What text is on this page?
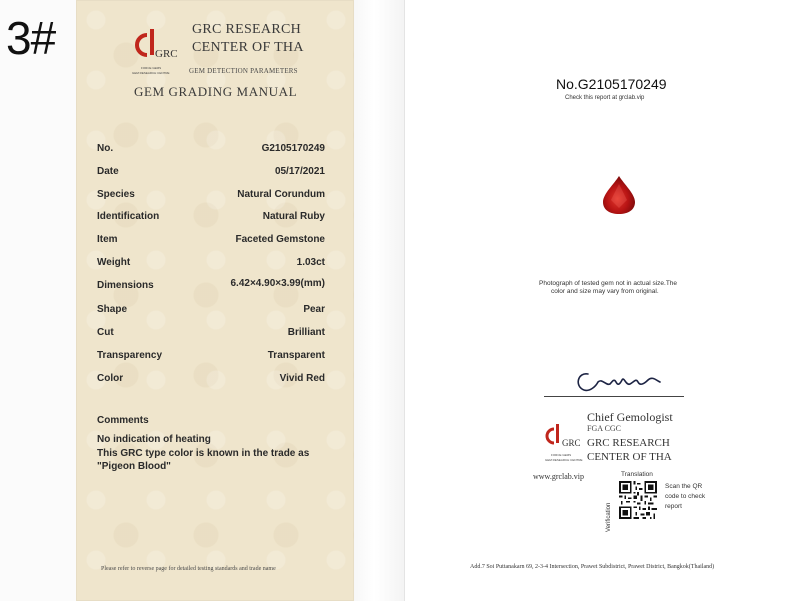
3#	GRC
FORCE GEMS
GEM RESEARCH CENTRE
GRC RESEARCH
CENTER OF THA
GEM DETECTION PARAMETERS
GEM GRADING MANUAL
No.	G2105170249
Date	05/17/2021
Species	Natural Corundum
Identification	Natural Ruby
Item	Faceted Gemstone
Weight	1.03ct
Dimensions	6.42×4.90×3.99(mm)
Shape	Pear
Cut	Brilliant
Transparency	Transparent
Color	Vivid Red
Comments
No indication of heating
This GRC type color is known in the trade as
"Pigeon Blood"
Please refer to reverse page for detailed testing standards and trade name
No.G2105170249
Check this report at grclab.vip
Photograph of tested gem not in actual size.The
color and size may vary from original.
Chief Gemologist
FGA CGC
GRC
FORCE GEMS
GEM RESEARCH CENTRE
GRC RESEARCH
CENTER OF THA
Translation
www.grclab.vip
Verification
Scan the QR
code to check
report
Add.7 Soi Puttanakarn 69, 2-3-4 Intersection, Prawet Subdistrict, Prawet District, Bangkok(Thailand)
